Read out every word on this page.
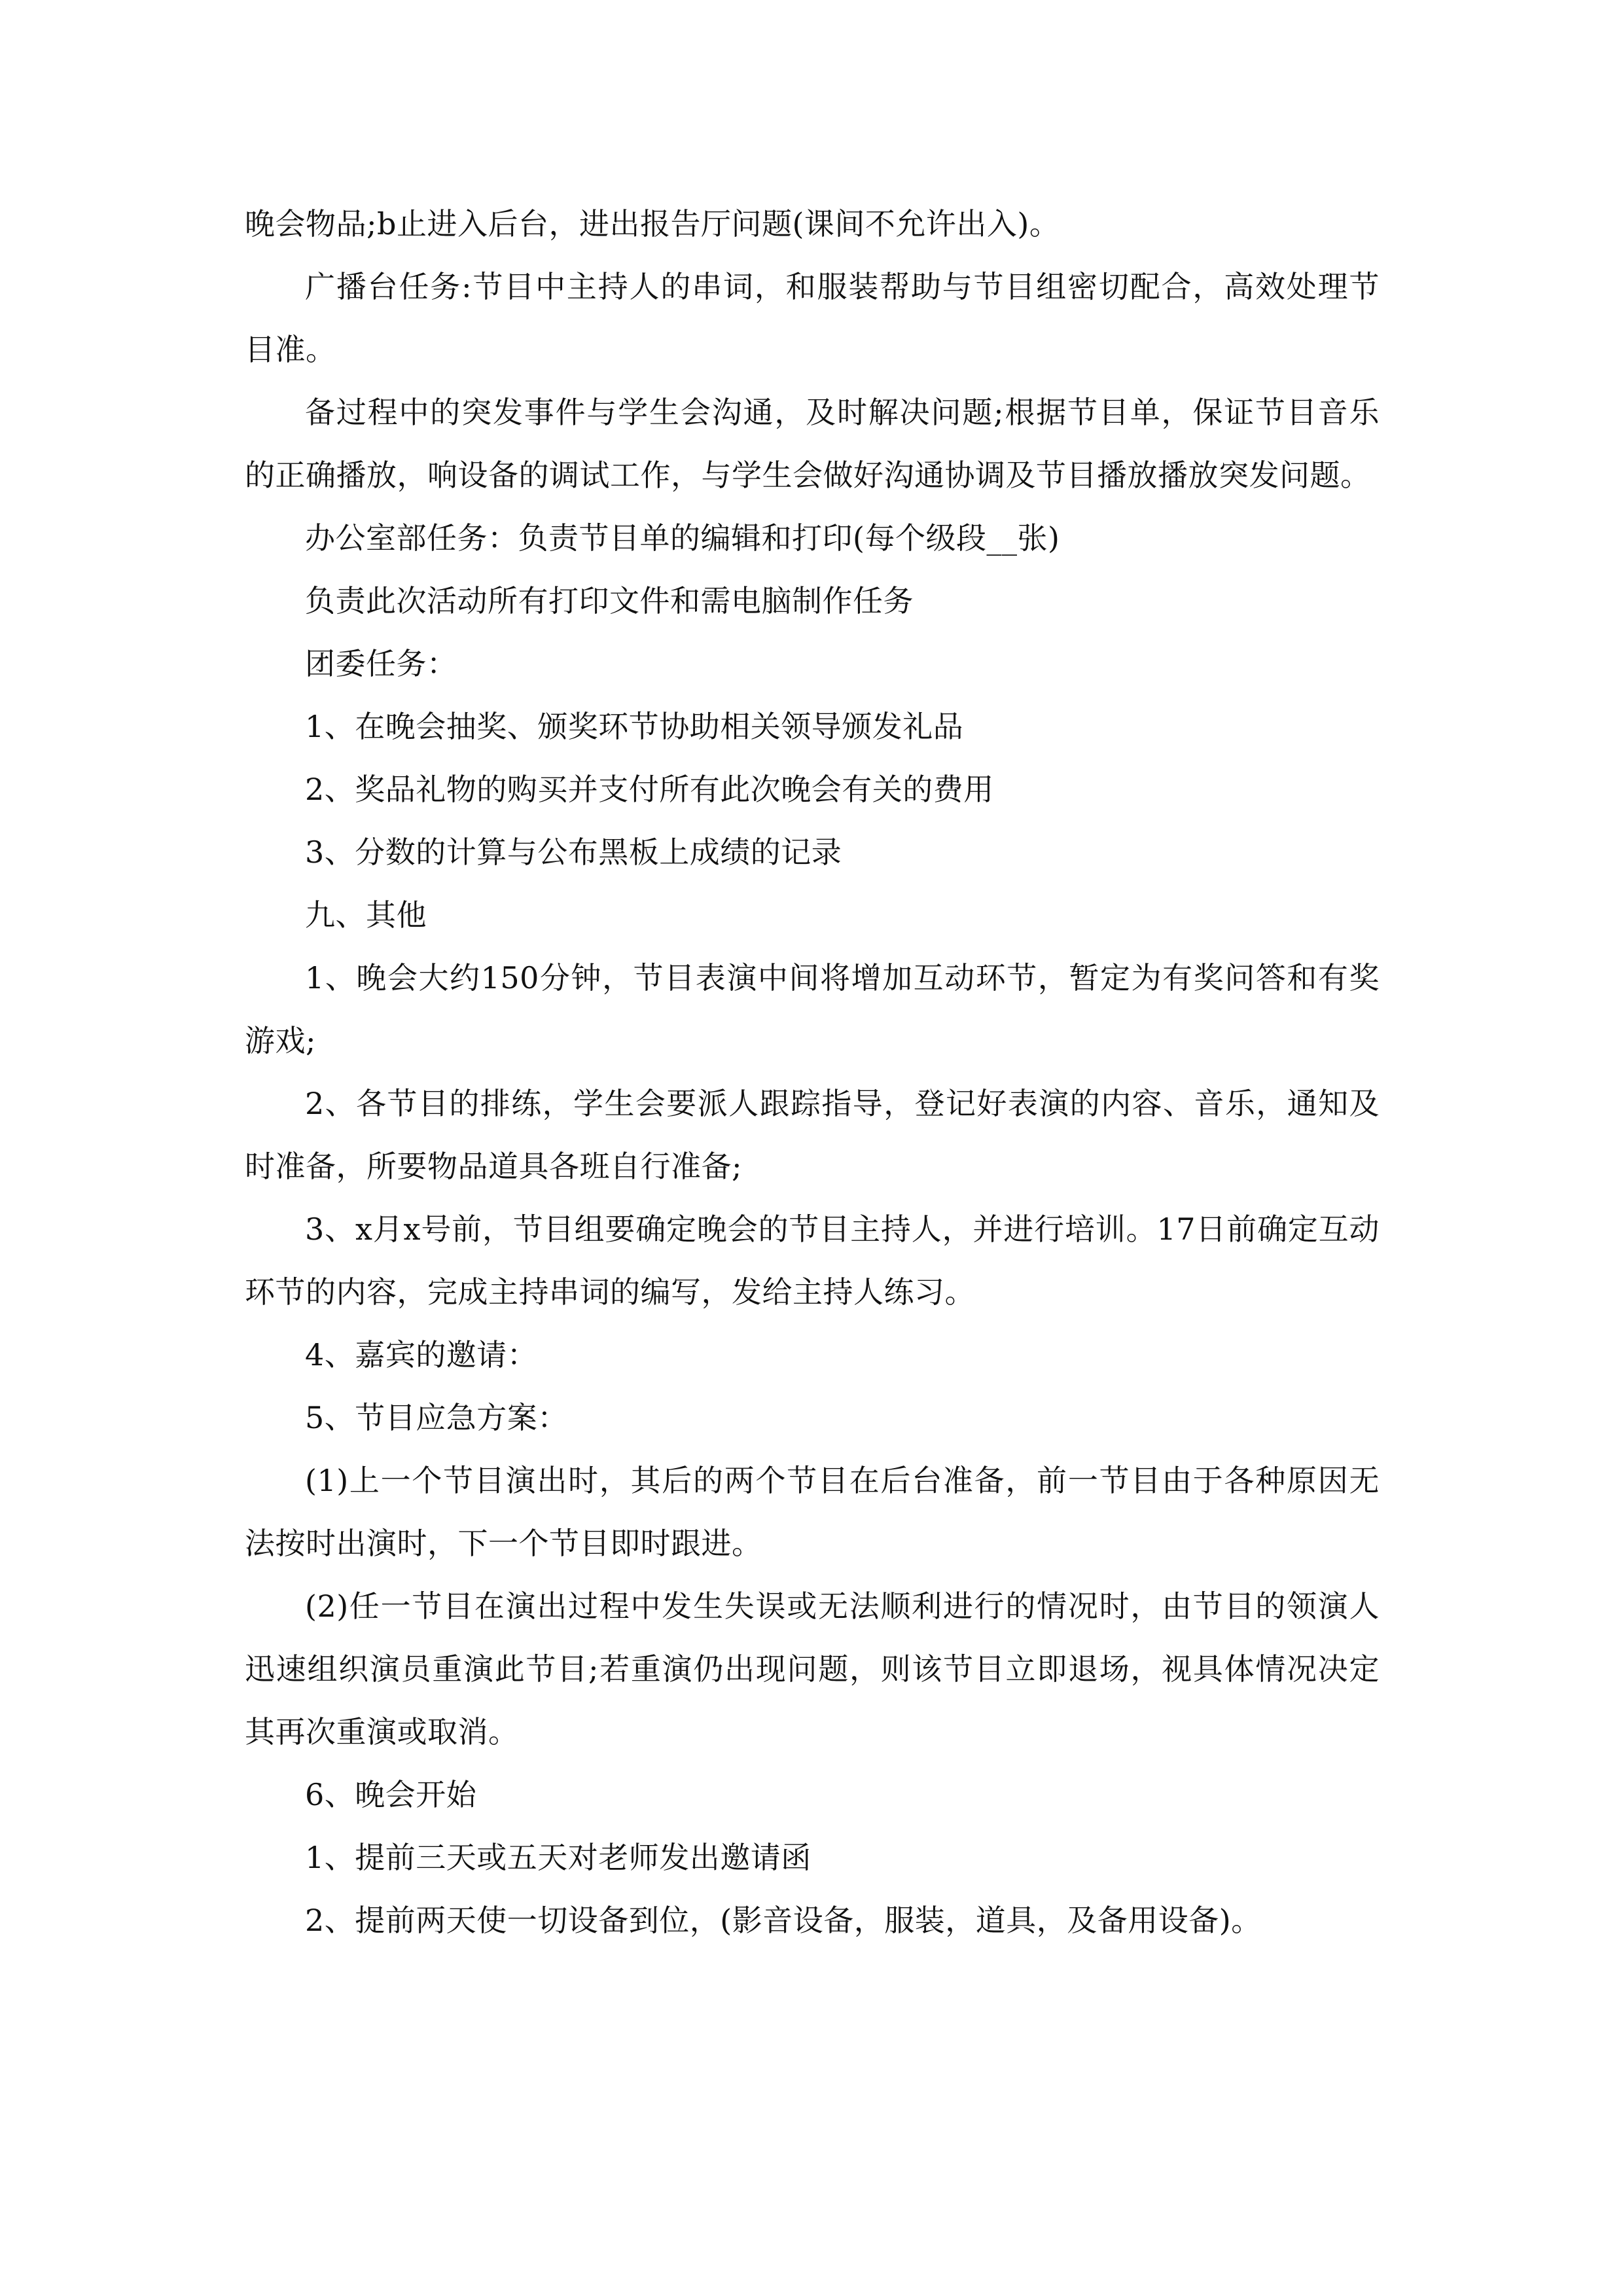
晚会物品;b止进入后台，进出报告厅问题(课间不允许出入)。

广播台任务:节目中主持人的串词，和服装帮助与节目组密切配合，高效处理节目准。

备过程中的突发事件与学生会沟通，及时解决问题;根据节目单，保证节目音乐的正确播放，响设备的调试工作，与学生会做好沟通协调及节目播放播放突发问题。

办公室部任务：负责节目单的编辑和打印(每个级段__张)

负责此次活动所有打印文件和需电脑制作任务

团委任务：

1、在晚会抽奖、颁奖环节协助相关领导颁发礼品

2、奖品礼物的购买并支付所有此次晚会有关的费用

3、分数的计算与公布黑板上成绩的记录

九、其他

1、晚会大约150分钟，节目表演中间将增加互动环节，暂定为有奖问答和有奖游戏;

2、各节目的排练，学生会要派人跟踪指导，登记好表演的内容、音乐，通知及时准备，所要物品道具各班自行准备;

3、x月x号前，节目组要确定晚会的节目主持人，并进行培训。17日前确定互动环节的内容，完成主持串词的编写，发给主持人练习。

4、嘉宾的邀请：

5、节目应急方案：

(1)上一个节目演出时，其后的两个节目在后台准备，前一节目由于各种原因无法按时出演时，下一个节目即时跟进。

(2)任一节目在演出过程中发生失误或无法顺利进行的情况时，由节目的领演人迅速组织演员重演此节目;若重演仍出现问题，则该节目立即退场，视具体情况决定其再次重演或取消。

6、晚会开始

1、提前三天或五天对老师发出邀请函

2、提前两天使一切设备到位，(影音设备，服装，道具，及备用设备)。
